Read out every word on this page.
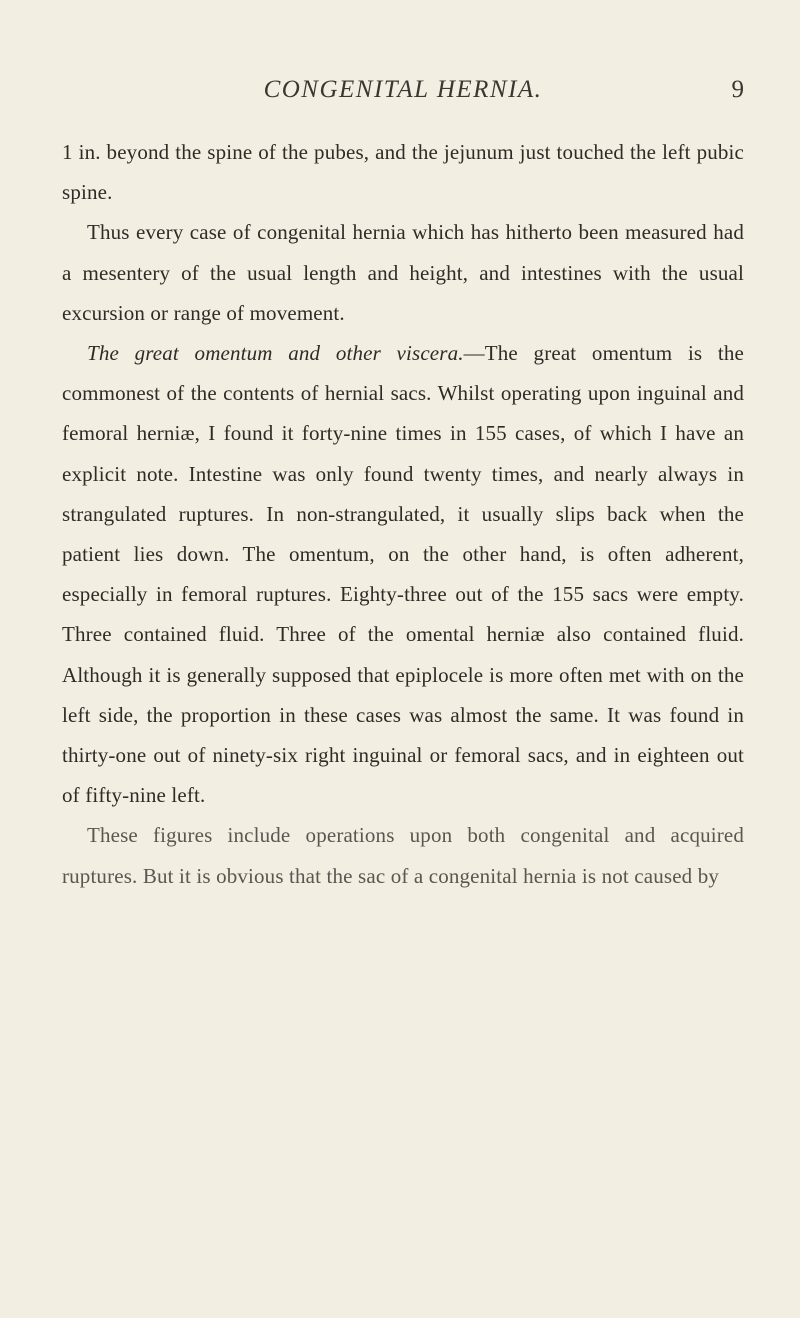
CONGENITAL HERNIA.	9

1 in. beyond the spine of the pubes, and the jejunum just touched the left pubic spine.

Thus every case of congenital hernia which has hitherto been measured had a mesentery of the usual length and height, and intestines with the usual excursion or range of movement.

The great omentum and other viscera.—The great omentum is the commonest of the contents of hernial sacs. Whilst operating upon inguinal and femoral herniæ, I found it forty-nine times in 155 cases, of which I have an explicit note. Intestine was only found twenty times, and nearly always in strangulated ruptures. In non-strangulated, it usually slips back when the patient lies down. The omentum, on the other hand, is often adherent, especially in femoral ruptures. Eighty-three out of the 155 sacs were empty. Three contained fluid. Three of the omental herniæ also contained fluid. Although it is generally supposed that epiplocele is more often met with on the left side, the proportion in these cases was almost the same. It was found in thirty-one out of ninety-six right inguinal or femoral sacs, and in eighteen out of fifty-nine left.

These figures include operations upon both congenital and acquired ruptures. But it is obvious that the sac of a congenital hernia is not caused by
